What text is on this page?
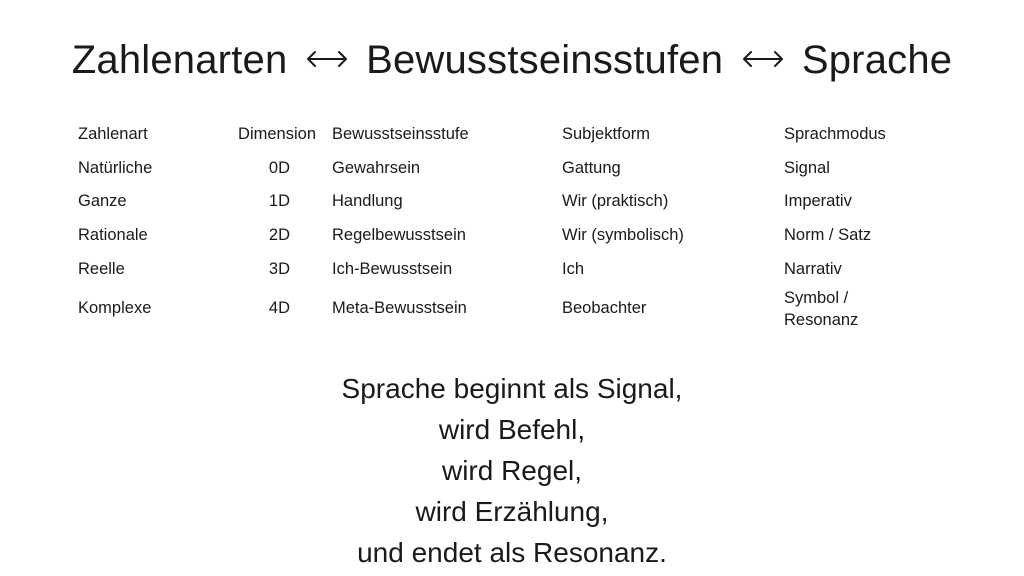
Zahlenarten Bewusstseinsstufen Sprache
Zahlenart	Dimension	Bewusstseinsstufe	Subjektform	Sprachmodus
Natürliche	0D	Gewahrsein	Gattung	Signal
Ganze	1D	Handlung	Wir (praktisch)	Imperativ
Rationale	2D	Regelbewusstsein	Wir (symbolisch)	Norm / Satz
Reelle	3D	Ich-Bewusstsein	Ich	Narrativ
Komplexe	4D	Meta-Bewusstsein	Beobachter	Symbol / Resonanz
Sprache beginnt als Signal,
wird Befehl,
wird Regel,
wird Erzählung,
und endet als Resonanz.
